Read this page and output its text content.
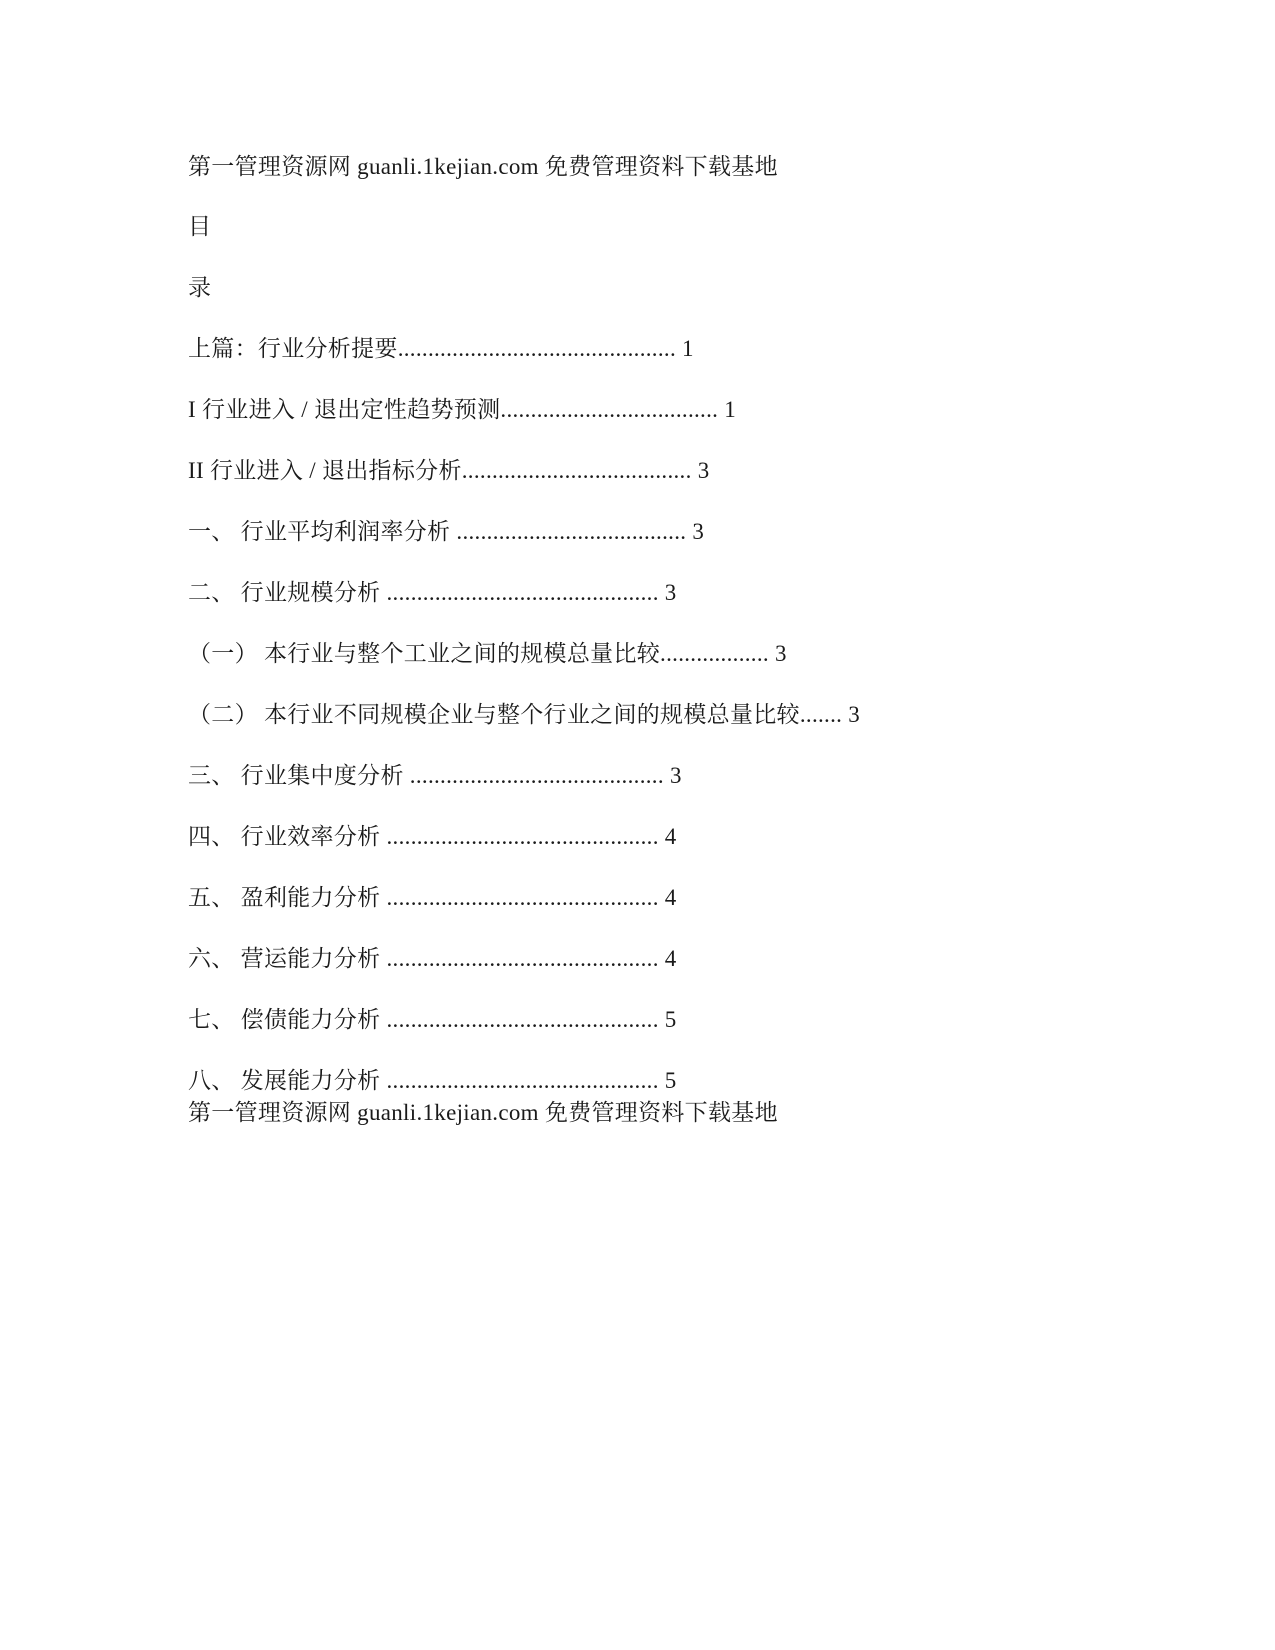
第一管理资源网 guanli.1kejian.com 免费管理资料下载基地
目
录
上篇：行业分析提要.............................................. 1
I 行业进入 / 退出定性趋势预测.................................... 1
II 行业进入 / 退出指标分析...................................... 3
一、 行业平均利润率分析 ...................................... 3
二、 行业规模分析 ............................................. 3
（一） 本行业与整个工业之间的规模总量比较.................. 3
（二） 本行业不同规模企业与整个行业之间的规模总量比较....... 3
三、 行业集中度分析 .......................................... 3
四、 行业效率分析 ............................................. 4
五、 盈利能力分析 ............................................. 4
六、 营运能力分析 ............................................. 4
七、 偿债能力分析 ............................................. 5
八、 发展能力分析 ............................................. 5
第一管理资源网 guanli.1kejian.com 免费管理资料下载基地
